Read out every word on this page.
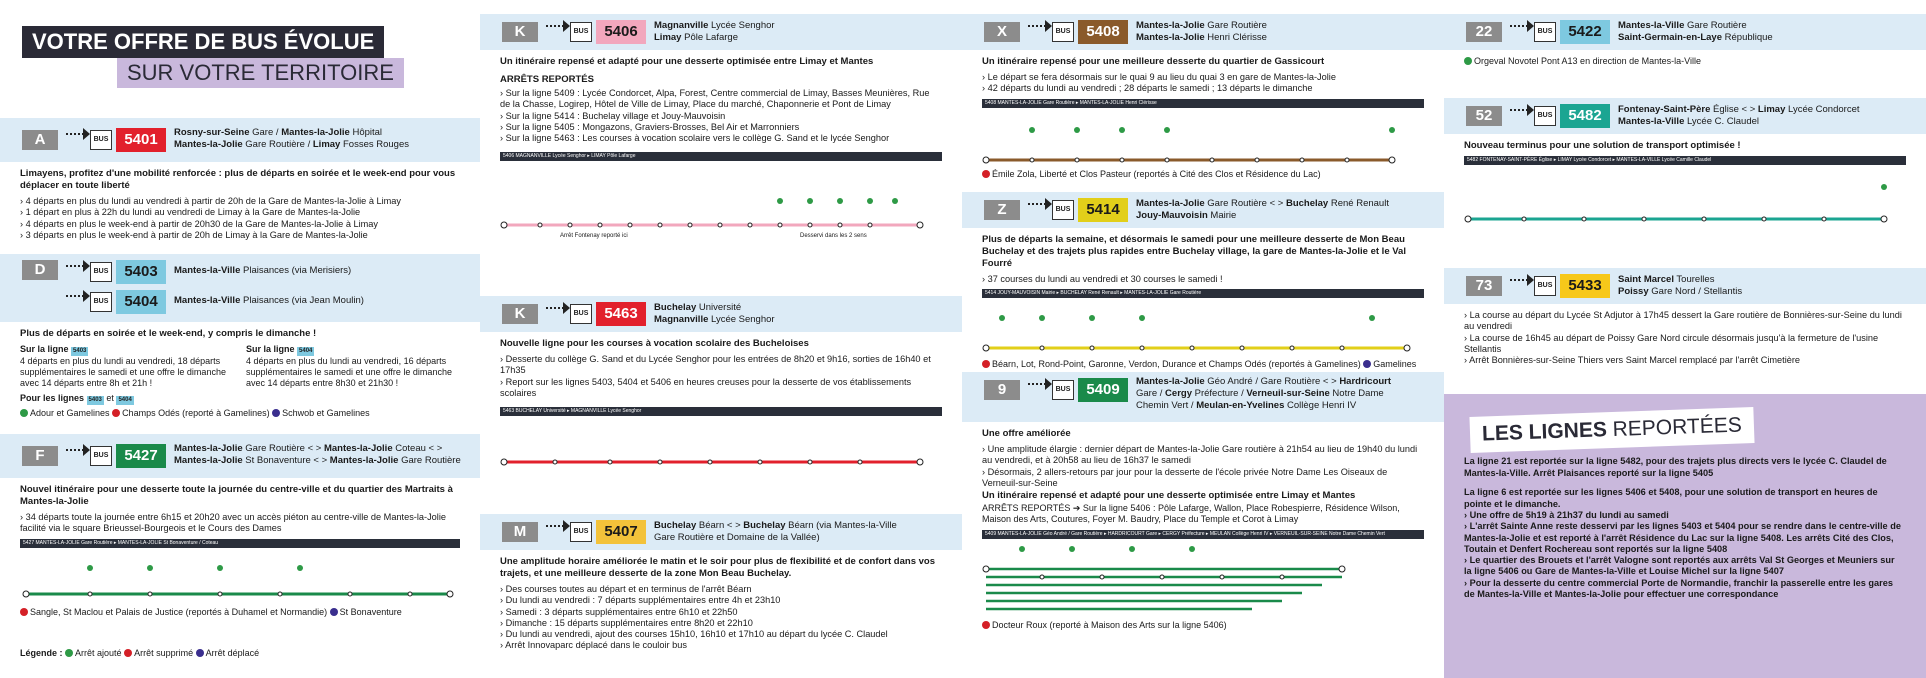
VOTRE OFFRE DE BUS ÉVOLUE
SUR VOTRE TERRITOIRE
A	BUS	5401	Rosny-sur-Seine Gare / Mantes-la-Jolie Hôpital
Mantes-la-Jolie Gare Routière / Limay Fosses Rouges
Limayens, profitez d'une mobilité renforcée : plus de départs en soirée et le week-end pour vous déplacer en toute liberté
› 4 départs en plus du lundi au vendredi à partir de 20h de la Gare de Mantes-la-Jolie à Limay
› 1 départ en plus à 22h du lundi au vendredi de Limay à la Gare de Mantes-la-Jolie
› 4 départs en plus le week-end à partir de 20h30 de la Gare de Mantes-la-Jolie à Limay
› 3 départs en plus le week-end à partir de 20h de Limay à la Gare de Mantes-la-Jolie
D	BUS	5403	Mantes-la-Ville Plaisances (via Merisiers)
BUS	5404	Mantes-la-Ville Plaisances (via Jean Moulin)
Plus de départs en soirée et le week-end, y compris le dimanche !
Sur la ligne 5403
4 départs en plus du lundi au vendredi, 18 départs supplémentaires le samedi et une offre le dimanche avec 14 départs entre 8h et 21h !
Sur la ligne 5404
4 départs en plus du lundi au vendredi, 16 départs supplémentaires le samedi et une offre le dimanche avec 14 départs entre 8h30 et 21h30 !
Pour les lignes 5403 et 5404
Adour et Gamelines Champs Odés (reporté à Gamelines) Schwob et Gamelines
F	BUS	5427	Mantes-la-Jolie Gare Routière < > Mantes-la-Jolie Coteau < >
Mantes-la-Jolie St Bonaventure < > Mantes-la-Jolie Gare Routière
Nouvel itinéraire pour une desserte toute la journée du centre-ville et du quartier des Martraits à Mantes-la-Jolie
› 34 départs toute la journée entre 6h15 et 20h20 avec un accès piéton au centre-ville de Mantes-la-Jolie facilité via le square Brieussel-Bourgeois et le Cours des Dames
5427 MANTES-LA-JOLIE Gare Routière ▸ MANTES-LA-JOLIE St Bonaventure / Coteau
Sangle, St Maclou et Palais de Justice (reportés à Duhamel et Normandie) St Bonaventure
Légende : Arrêt ajouté Arrêt supprimé Arrêt déplacé
K	BUS	5406	Magnanville Lycée Senghor
Limay Pôle Lafarge
Un itinéraire repensé et adapté pour une desserte optimisée entre Limay et Mantes
ARRÊTS REPORTÉS
› Sur la ligne 5409 : Lycée Condorcet, Alpa, Forest, Centre commercial de Limay, Basses Meunières, Rue de la Chasse, Logirep, Hôtel de Ville de Limay, Place du marché, Chaponnerie et Pont de Limay
› Sur la ligne 5414 : Buchelay village et Jouy-Mauvoisin
› Sur la ligne 5405 : Mongazons, Graviers-Brosses, Bel Air et Marronniers
› Sur la ligne 5463 : Les courses à vocation scolaire vers le collège G. Sand et le lycée Senghor
5406 MAGNANVILLE Lycée Senghor ▸ LIMAY Pôle Lafarge
Arrêt Fontenay reporté ici	Desservi dans les 2 sens
K	BUS	5463	Buchelay Université
Magnanville Lycée Senghor
Nouvelle ligne pour les courses à vocation scolaire des Bucheloises
› Desserte du collège G. Sand et du Lycée Senghor pour les entrées de 8h20 et 9h16, sorties de 16h40 et 17h35
› Report sur les lignes 5403, 5404 et 5406 en heures creuses pour la desserte de vos établissements scolaires
5463 BUCHELAY Université ▸ MAGNANVILLE Lycée Senghor
M	BUS	5407	Buchelay Béarn < > Buchelay Béarn (via Mantes-la-Ville
Gare Routière et Domaine de la Vallée)
Une amplitude horaire améliorée le matin et le soir pour plus de flexibilité et de confort dans vos trajets, et une meilleure desserte de la zone Mon Beau Buchelay.
› Des courses toutes au départ et en terminus de l'arrêt Béarn
› Du lundi au vendredi : 7 départs supplémentaires entre 4h et 23h10
› Samedi : 3 départs supplémentaires entre 6h10 et 22h50
› Dimanche : 15 départs supplémentaires entre 8h20 et 22h10
› Du lundi au vendredi, ajout des courses 15h10, 16h10 et 17h10 au départ du lycée C. Claudel
› Arrêt Innovaparc déplacé dans le couloir bus
X	BUS	5408	Mantes-la-Jolie Gare Routière
Mantes-la-Jolie Henri Clérisse
Un itinéraire repensé pour une meilleure desserte du quartier de Gassicourt
› Le départ se fera désormais sur le quai 9 au lieu du quai 3 en gare de Mantes-la-Jolie
› 42 départs du lundi au vendredi ; 28 départs le samedi ; 13 départs le dimanche
5408 MANTES-LA-JOLIE Gare Routière ▸ MANTES-LA-JOLIE Henri Clérisse
Émile Zola, Liberté et Clos Pasteur (reportés à Cité des Clos et Résidence du Lac)
Z	BUS	5414	Mantes-la-Jolie Gare Routière < > Buchelay René Renault
Jouy-Mauvoisin Mairie
Plus de départs la semaine, et désormais le samedi pour une meilleure desserte de Mon Beau Buchelay et des trajets plus rapides entre Buchelay village, la gare de Mantes-la-Jolie et le Val Fourré
› 37 courses du lundi au vendredi et 30 courses le samedi !
5414 JOUY-MAUVOISIN Mairie ▸ BUCHELAY René Renault ▸ MANTES-LA-JOLIE Gare Routière
Béarn, Lot, Rond-Point, Garonne, Verdon, Durance et Champs Odés (reportés à Gamelines) Gamelines
9	BUS	5409	Mantes-la-Jolie Géo André / Gare Routière < > Hardricourt
Gare / Cergy Préfecture / Verneuil-sur-Seine Notre Dame
Chemin Vert / Meulan-en-Yvelines Collège Henri IV
Une offre améliorée
› Une amplitude élargie : dernier départ de Mantes-la-Jolie Gare routière à 21h54 au lieu de 19h40 du lundi au vendredi, et à 20h58 au lieu de 16h37 le samedi
› Désormais, 2 allers-retours par jour pour la desserte de l'école privée Notre Dame Les Oiseaux de Verneuil-sur-Seine
Un itinéraire repensé et adapté pour une desserte optimisée entre Limay et Mantes
ARRÊTS REPORTÉS ➔ Sur la ligne 5406 : Pôle Lafarge, Wallon, Place Robespierre, Résidence Wilson, Maison des Arts, Coutures, Foyer M. Baudry, Place du Temple et Corot à Limay
5409 MANTES-LA-JOLIE Géo André / Gare Routière ▸ HARDRICOURT Gare ▸ CERGY Préfecture ▸ MEULAN Collège Henri IV ▸ VERNEUIL-SUR-SEINE Notre Dame Chemin Vert
Docteur Roux (reporté à Maison des Arts sur la ligne 5406)
22	BUS	5422	Mantes-la-Ville Gare Routière
Saint-Germain-en-Laye République
Orgeval Novotel Pont A13 en direction de Mantes-la-Ville
52	BUS	5482	Fontenay-Saint-Père Église < > Limay Lycée Condorcet
Mantes-la-Ville Lycée C. Claudel
Nouveau terminus pour une solution de transport optimisée !
5482 FONTENAY-SAINT-PÈRE Église ▸ LIMAY Lycée Condorcet ▸ MANTES-LA-VILLE Lycée Camille Claudel
73	BUS	5433	Saint Marcel Tourelles
Poissy Gare Nord / Stellantis
› La course au départ du Lycée St Adjutor à 17h45 dessert la Gare routière de Bonnières-sur-Seine du lundi au vendredi
› La course de 16h45 au départ de Poissy Gare Nord circule désormais jusqu'à la fermeture de l'usine Stellantis
› Arrêt Bonnières-sur-Seine Thiers vers Saint Marcel remplacé par l'arrêt Cimetière
LES LIGNES REPORTÉES

La ligne 21 est reportée sur la ligne 5482, pour des trajets plus directs vers le lycée C. Claudel de Mantes-la-Ville. Arrêt Plaisances reporté sur la ligne 5405

La ligne 6 est reportée sur les lignes 5406 et 5408, pour une solution de transport en heures de pointe et le dimanche.

› Une offre de 5h19 à 21h37 du lundi au samedi
› L'arrêt Sainte Anne reste desservi par les lignes 5403 et 5404 pour se rendre dans le centre-ville de Mantes-la-Jolie et est reporté à l'arrêt Résidence du Lac sur la ligne 5408. Les arrêts Cité des Clos, Toutain et Denfert Rochereau sont reportés sur la ligne 5408
› Le quartier des Brouets et l'arrêt Valogne sont reportés aux arrêts Val St Georges et Meuniers sur la ligne 5406 ou Gare de Mantes-la-Ville et Louise Michel sur la ligne 5407
› Pour la desserte du centre commercial Porte de Normandie, franchir la passerelle entre les gares de Mantes-la-Ville et Mantes-la-Jolie pour effectuer une correspondance
